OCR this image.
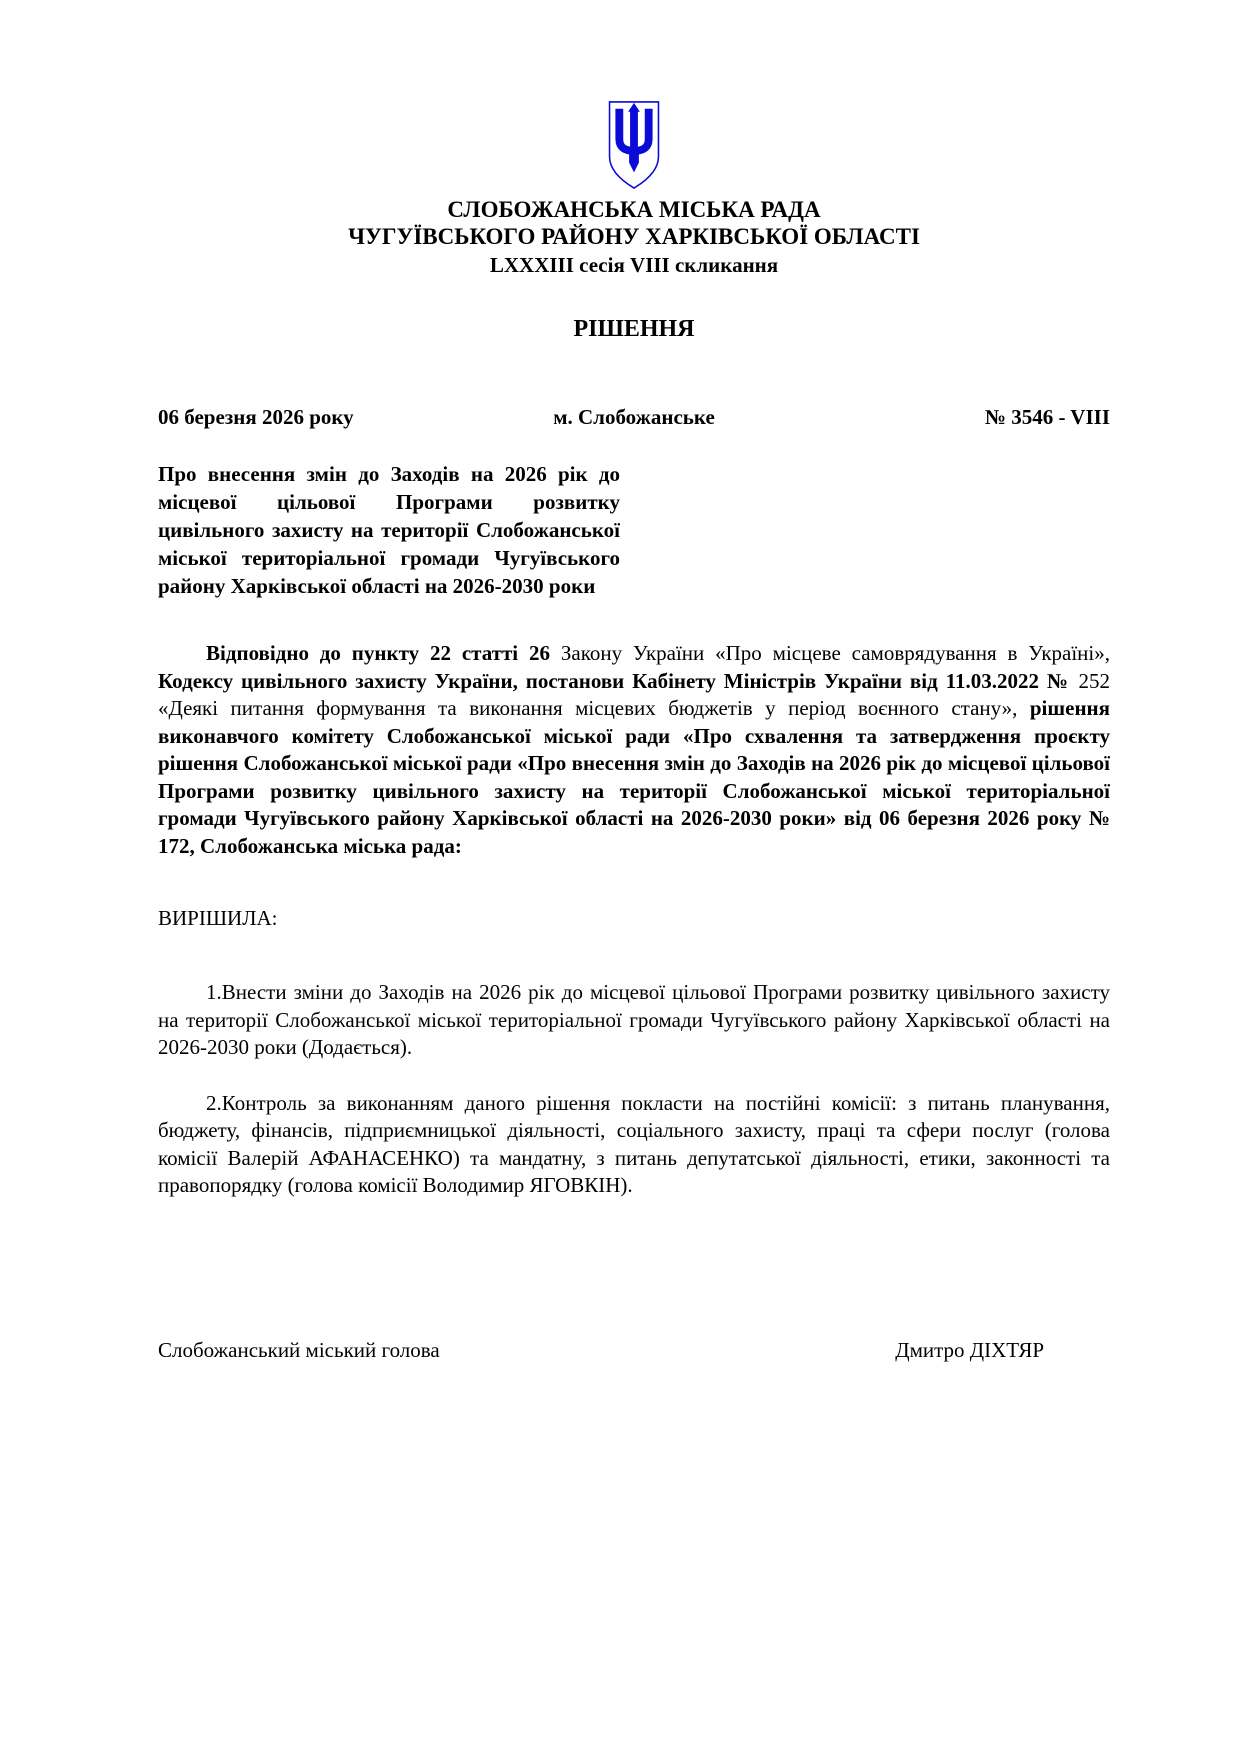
СЛОБОЖАНСЬКА МІСЬКА РАДА
ЧУГУЇВСЬКОГО РАЙОНУ ХАРКІВСЬКОЇ ОБЛАСТІ
LXXXIII сесія VIII скликання
РІШЕННЯ
06 березня 2026 року	м. Слобожанське	№ 3546 - VIII
Про внесення змін до Заходів на 2026 рік до місцевої цільової Програми розвитку цивільного захисту на території Слобожанської міської територіальної громади Чугуївського району Харківської області на 2026-2030 роки

Відповідно до пункту 22 статті 26 Закону України «Про місцеве самоврядування в Україні», Кодексу цивільного захисту України, постанови Кабінету Міністрів України від 11.03.2022 № 252 «Деякі питання формування та виконання місцевих бюджетів у період воєнного стану», рішення виконавчого комітету Слобожанської міської ради «Про схвалення та затвердження проєкту рішення Слобожанської міської ради «Про внесення змін до Заходів на 2026 рік до місцевої цільової Програми розвитку цивільного захисту на території Слобожанської міської територіальної громади Чугуївського району Харківської області на 2026-2030 роки» від 06 березня 2026 року № 172, Слобожанська міська рада:

ВИРІШИЛА:

1.Внести зміни до Заходів на 2026 рік до місцевої цільової Програми розвитку цивільного захисту на території Слобожанської міської територіальної громади Чугуївського району Харківської області на 2026-2030 роки (Додається).

2.Контроль за виконанням даного рішення покласти на постійні комісії: з питань планування, бюджету, фінансів, підприємницької діяльності, соціального захисту, праці та сфери послуг (голова комісії Валерій АФАНАСЕНКО) та мандатну, з питань депутатської діяльності, етики, законності та правопорядку (голова комісії Володимир ЯГОВКІН).

Слобожанський міський голова	Дмитро ДІХТЯР
